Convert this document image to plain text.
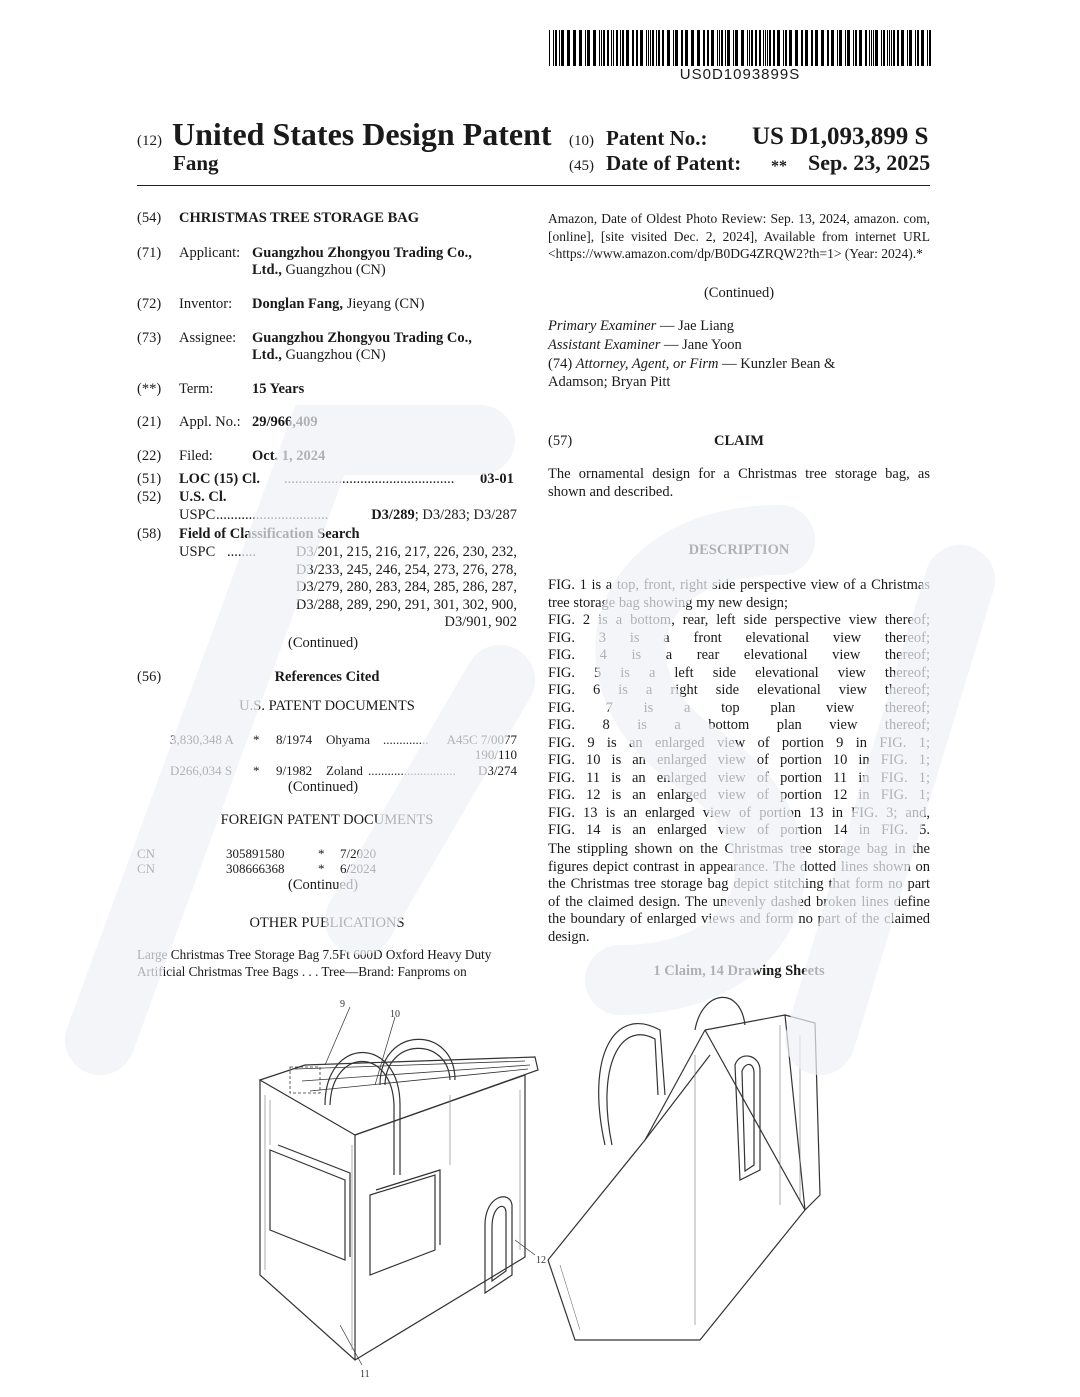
US0D1093899S
(12) United States Design Patent
Fang
(10) Patent No.: US D1,093,899 S
(45) Date of Patent: ** Sep. 23, 2025
(54) CHRISTMAS TREE STORAGE BAG
(71) Applicant: Guangzhou Zhongyou Trading Co.,
Ltd., Guangzhou (CN)
(72) Inventor: Donglan Fang, Jieyang (CN)
(73) Assignee: Guangzhou Zhongyou Trading Co.,
Ltd., Guangzhou (CN)
(**) Term:	15 Years
(21) Appl. No.: 29/966,409
(22) Filed:	Oct. 1, 2024
(51) LOC (15) Cl. ............................................... 03-01
(52) U.S. Cl.
USPC ...............................	D3/289; D3/283; D3/287
(58) Field of Classification Search
USPC ........	D3/201, 215, 216, 217, 226, 230, 232,
D3/233, 245, 246, 254, 273, 276, 278,
D3/279, 280, 283, 284, 285, 286, 287,
D3/288, 289, 290, 291, 301, 302, 900,
D3/901, 902
(Continued)
(56)	References Cited
U.S. PATENT DOCUMENTS
3,830,348 A * 8/1974 Ohyama ..............	A45C 7/0077
190/110
D266,034 S * 9/1982 Zoland ...........................	D3/274
(Continued)
FOREIGN PATENT DOCUMENTS
CN	305891580	* 7/2020
CN	308666368	* 6/2024
(Continued)
OTHER PUBLICATIONS
Large Christmas Tree Storage Bag 7.5Ft 600D Oxford Heavy Duty
Artificial Christmas Tree Bags . . . Tree—Brand: Fanproms on
Amazon, Date of Oldest Photo Review: Sep. 13, 2024, amazon. com, [online], [site visited Dec. 2, 2024], Available from internet URL <https://www.amazon.com/dp/B0DG4ZRQW2?th=1> (Year: 2024).*
(Continued)
Primary Examiner — Jae Liang
Assistant Examiner — Jane Yoon
(74) Attorney, Agent, or Firm — Kunzler Bean &
Adamson; Bryan Pitt
(57)	CLAIM
The ornamental design for a Christmas tree storage bag, as shown and described.
DESCRIPTION
FIG. 1 is a top, front, right side perspective view of a Christmas tree storage bag showing my new design;
FIG. 2 is a bottom, rear, left side perspective view thereof;
FIG. 3 is a front elevational view thereof;
FIG. 4 is a rear elevational view thereof;
FIG. 5 is a left side elevational view thereof;
FIG. 6 is a right side elevational view thereof;
FIG. 7 is a top plan view thereof;
FIG. 8 is a bottom plan view thereof;
FIG. 9 is an enlarged view of portion 9 in FIG. 1;
FIG. 10 is an enlarged view of portion 10 in FIG. 1;
FIG. 11 is an enlarged view of portion 11 in FIG. 1;
FIG. 12 is an enlarged view of portion 12 in FIG. 1;
FIG. 13 is an enlarged view of portion 13 in FIG. 3; and,
FIG. 14 is an enlarged view of portion 14 in FIG. 5.
The stippling shown on the Christmas tree storage bag in the figures depict contrast in appearance. The dotted lines shown on the Christmas tree storage bag depict stitching that form no part of the claimed design. The unevenly dashed broken lines define the boundary of enlarged views and form no part of the claimed design.
1 Claim, 14 Drawing Sheets
9
10
12
11
